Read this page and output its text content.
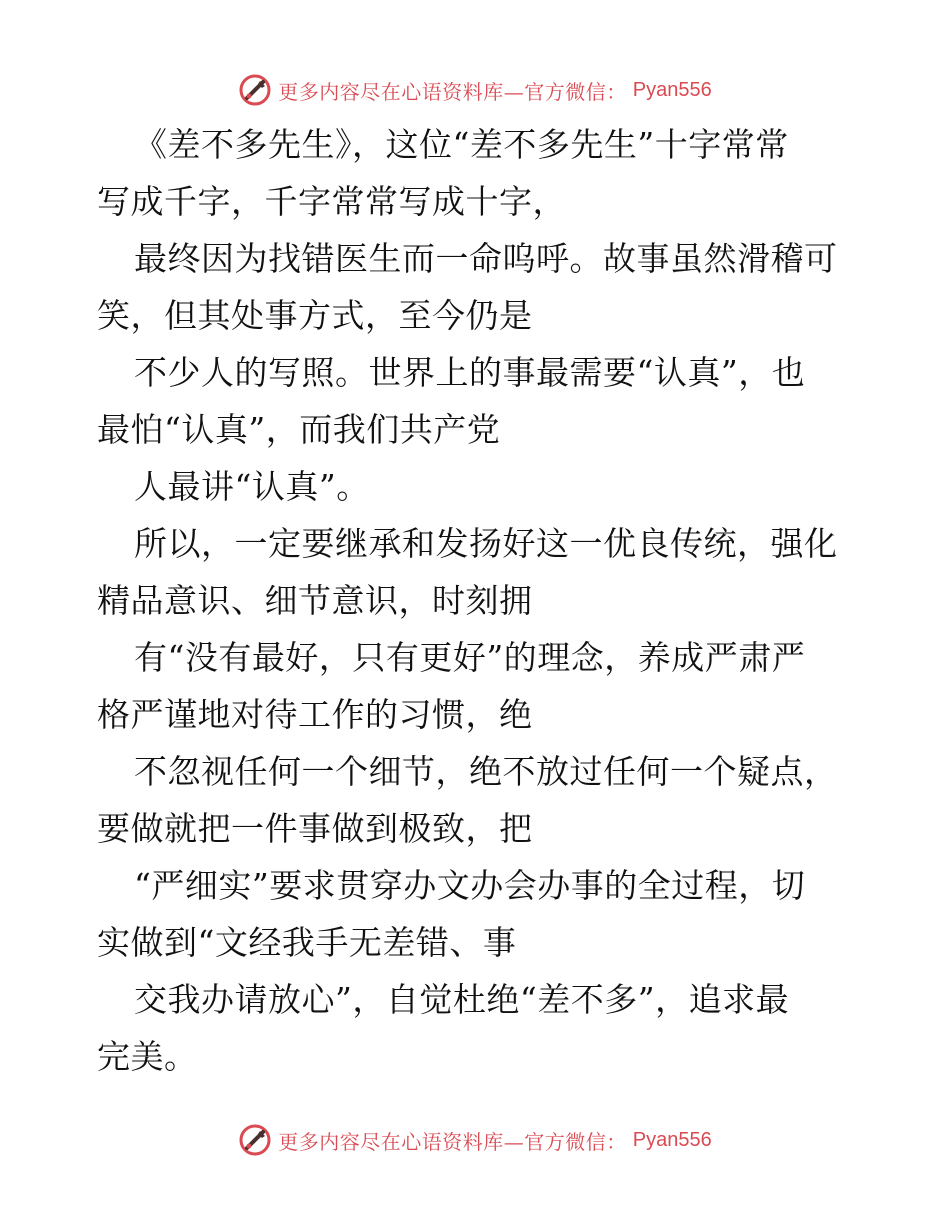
更多内容尽在心语资料库—官方微信： Pyan556
《差不多先生》，这位“差不多先生”十字常常
写成千字，千字常常写成十字，
最终因为找错医生而一命呜呼。故事虽然滑稽可
笑，但其处事方式，至今仍是
不少人的写照。世界上的事最需要“认真”，也
最怕“认真”，而我们共产党
人最讲“认真”。
所以，一定要继承和发扬好这一优良传统，强化
精品意识、细节意识，时刻拥
有“没有最好，只有更好”的理念，养成严肃严
格严谨地对待工作的习惯，绝
不忽视任何一个细节，绝不放过任何一个疑点，
要做就把一件事做到极致，把
“严细实”要求贯穿办文办会办事的全过程，切
实做到“文经我手无差错、事
交我办请放心”，自觉杜绝“差不多”，追求最
完美。
更多内容尽在心语资料库—官方微信： Pyan556
